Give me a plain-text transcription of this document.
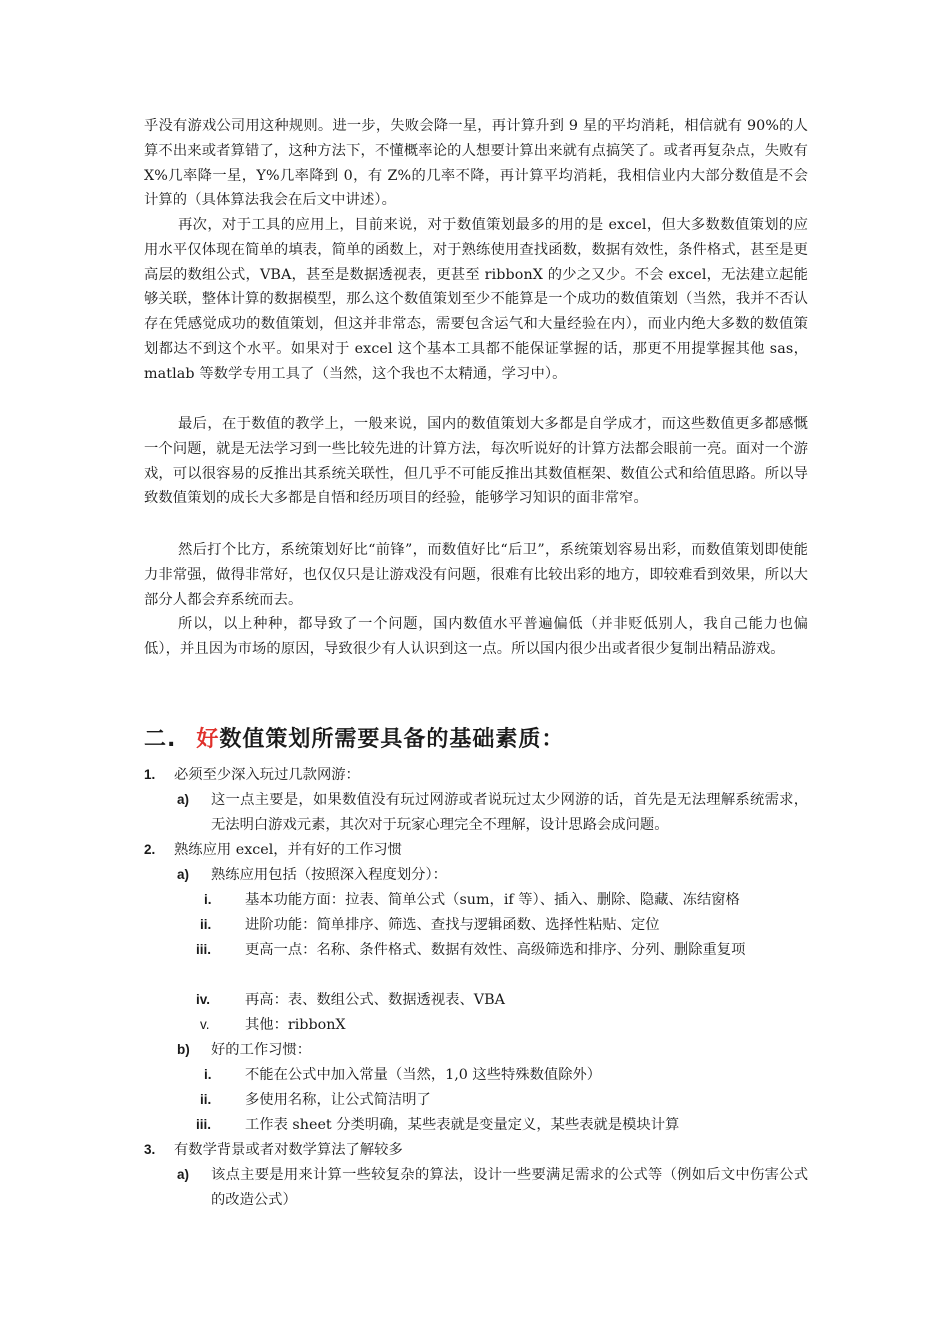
乎没有游戏公司用这种规则。进一步，失败会降一星，再计算升到 9 星的平均消耗，相信就有 90%的人算不出来或者算错了，这种方法下，不懂概率论的人想要计算出来就有点搞笑了。或者再复杂点，失败有 X%几率降一星，Y%几率降到 0，有 Z%的几率不降，再计算平均消耗，我相信业内大部分数值是不会计算的（具体算法我会在后文中讲述）。

再次，对于工具的应用上，目前来说，对于数值策划最多的用的是 excel，但大多数数值策划的应用水平仅体现在简单的填表，简单的函数上，对于熟练使用查找函数，数据有效性，条件格式，甚至是更高层的数组公式，VBA，甚至是数据透视表，更甚至 ribbonX 的少之又少。不会 excel，无法建立起能够关联，整体计算的数据模型，那么这个数值策划至少不能算是一个成功的数值策划（当然，我并不否认存在凭感觉成功的数值策划，但这并非常态，需要包含运气和大量经验在内），而业内绝大多数的数值策划都达不到这个水平。如果对于 excel 这个基本工具都不能保证掌握的话，那更不用提掌握其他 sas，matlab 等数学专用工具了（当然，这个我也不太精通，学习中）。

最后，在于数值的教学上，一般来说，国内的数值策划大多都是自学成才，而这些数值更多都感慨一个问题，就是无法学习到一些比较先进的计算方法，每次听说好的计算方法都会眼前一亮。面对一个游戏，可以很容易的反推出其系统关联性，但几乎不可能反推出其数值框架、数值公式和给值思路。所以导致数值策划的成长大多都是自悟和经历项目的经验，能够学习知识的面非常窄。

然后打个比方，系统策划好比“前锋”，而数值好比“后卫”，系统策划容易出彩，而数值策划即使能力非常强，做得非常好，也仅仅只是让游戏没有问题，很难有比较出彩的地方，即较难看到效果，所以大部分人都会弃系统而去。

所以，以上种种，都导致了一个问题，国内数值水平普遍偏低（并非贬低别人，我自己能力也偏低），并且因为市场的原因，导致很少有人认识到这一点。所以国内很少出或者很少复制出精品游戏。

二. 好数值策划所需要具备的基础素质：
1. 必须至少深入玩过几款网游：
a) 这一点主要是，如果数值没有玩过网游或者说玩过太少网游的话，首先是无法理解系统需求，无法明白游戏元素，其次对于玩家心理完全不理解，设计思路会成问题。
2. 熟练应用 excel，并有好的工作习惯
a) 熟练应用包括（按照深入程度划分）：
i. 基本功能方面：拉表、简单公式（sum，if 等）、插入、删除、隐藏、冻结窗格
ii. 进阶功能：简单排序、筛选、查找与逻辑函数、选择性粘贴、定位
iii. 更高一点：名称、条件格式、数据有效性、高级筛选和排序、分列、删除重复项
iv. 再高：表、数组公式、数据透视表、VBA
v. 其他：ribbonX
b) 好的工作习惯：
i. 不能在公式中加入常量（当然，1,0 这些特殊数值除外）
ii. 多使用名称，让公式简洁明了
iii. 工作表 sheet 分类明确，某些表就是变量定义，某些表就是模块计算
3. 有数学背景或者对数学算法了解较多
a) 该点主要是用来计算一些较复杂的算法，设计一些要满足需求的公式等（例如后文中伤害公式的改造公式）
